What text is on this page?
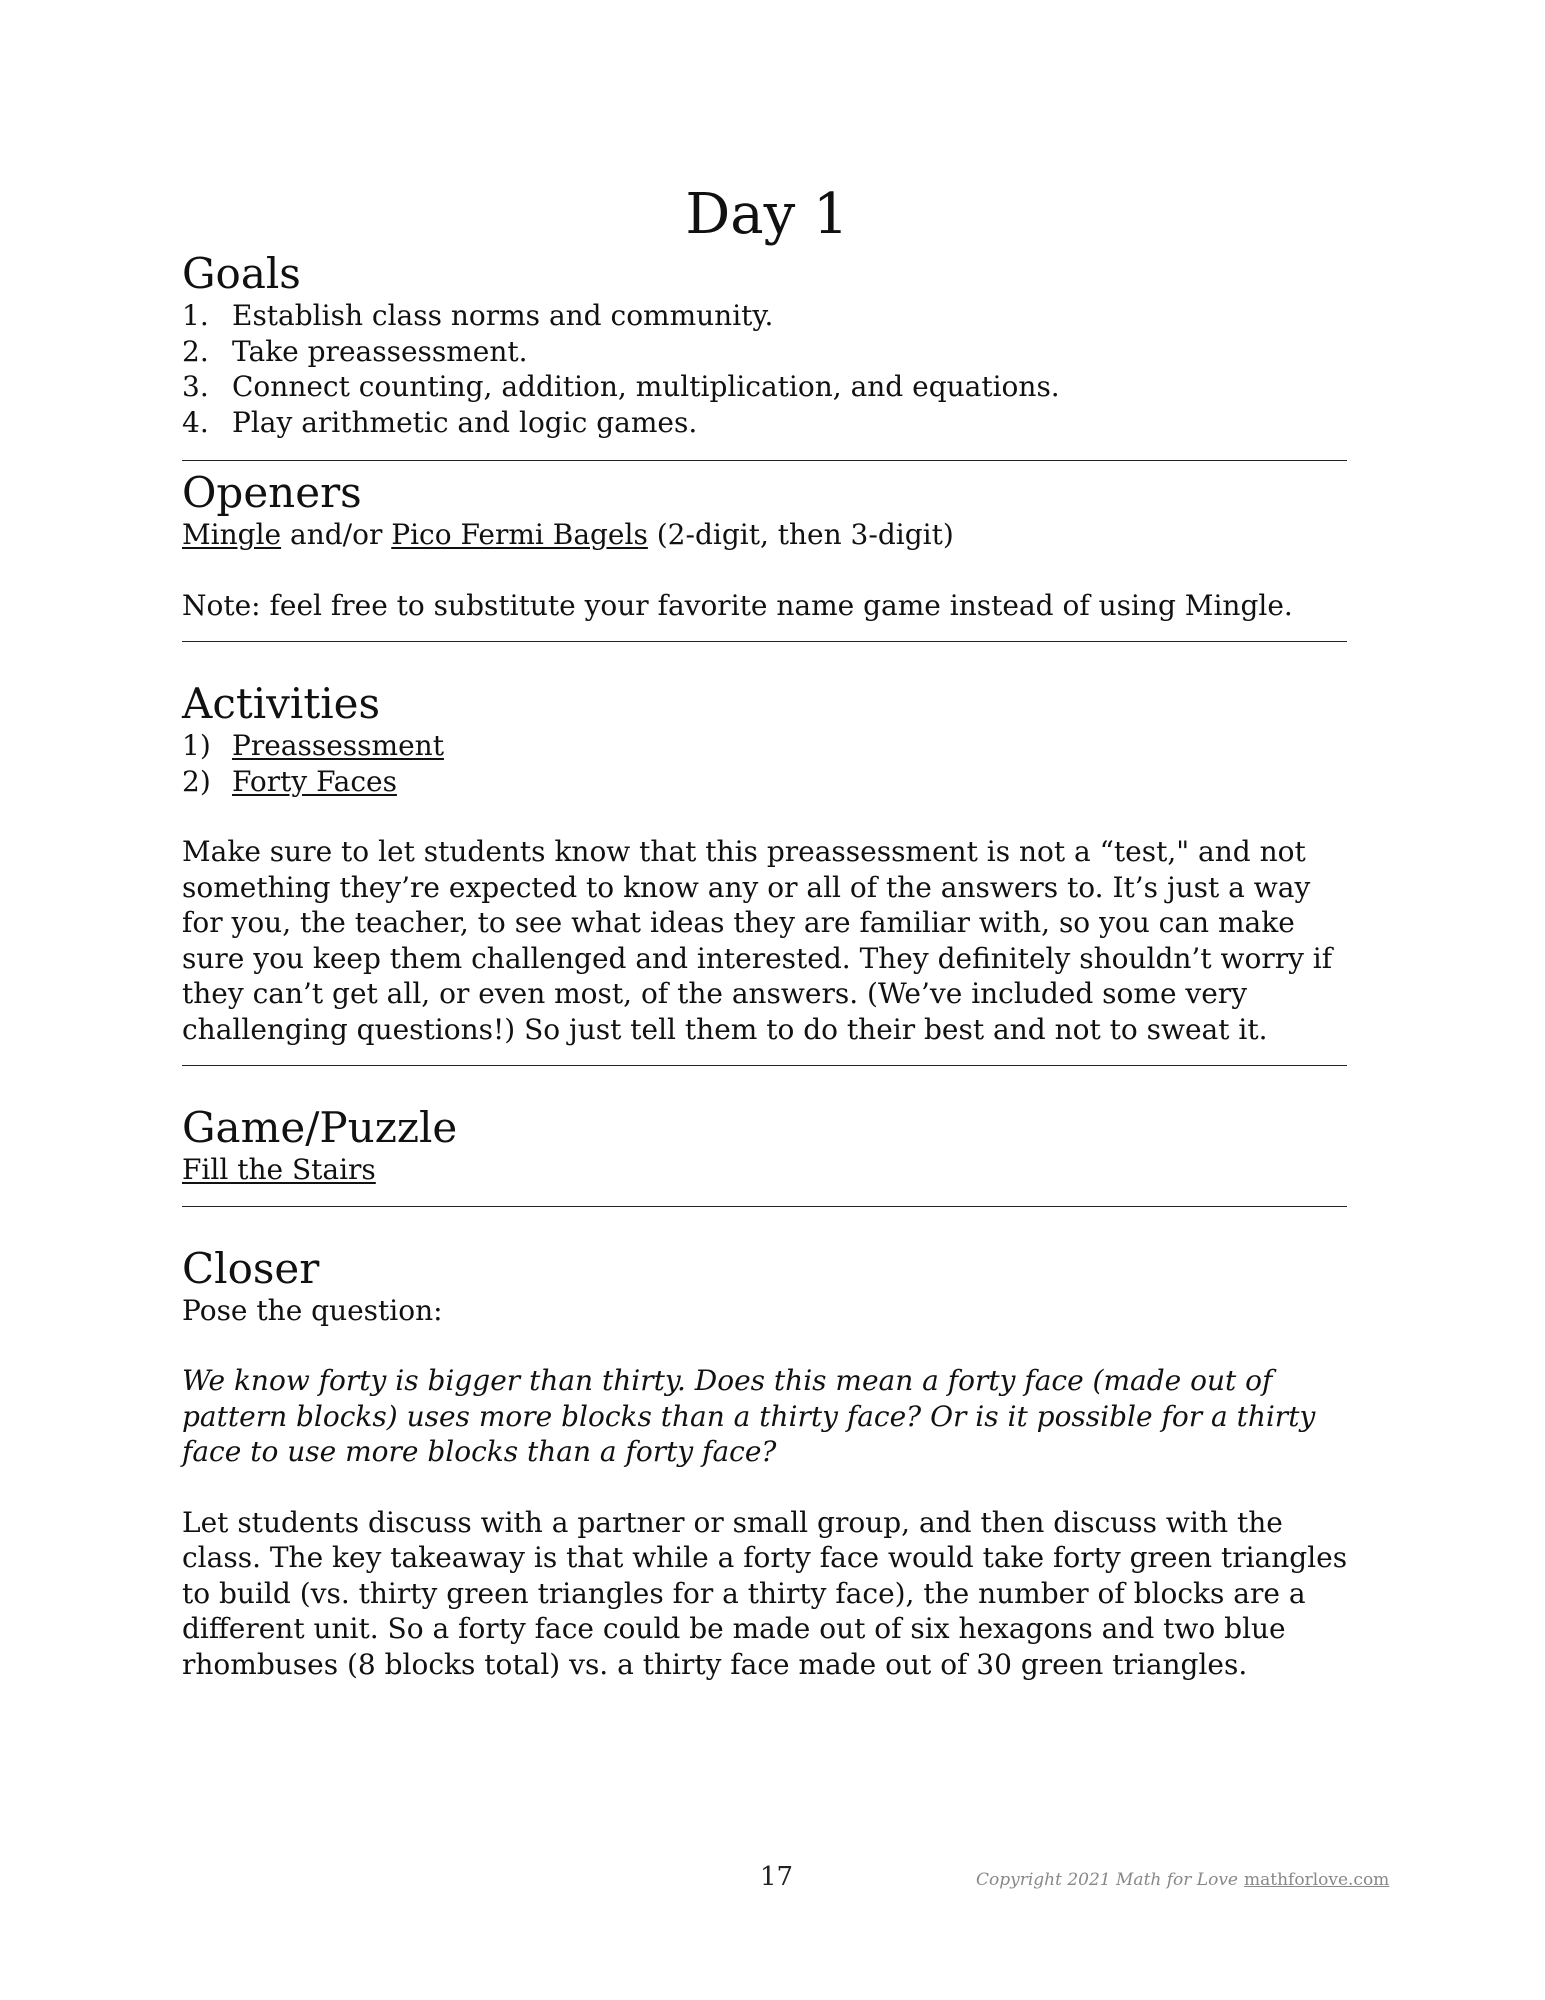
Day 1
Goals
1. Establish class norms and community.
2. Take preassessment.
3. Connect counting, addition, multiplication, and equations.
4. Play arithmetic and logic games.
Openers

Mingle and/or Pico Fermi Bagels (2-digit, then 3-digit)

Note: feel free to substitute your favorite name game instead of using Mingle.

Activities
1) Preassessment
2) Forty Faces

Make sure to let students know that this preassessment is not a “test," and not something they’re expected to know any or all of the answers to. It’s just a way for you, the teacher, to see what ideas they are familiar with, so you can make sure you keep them challenged and interested. They definitely shouldn’t worry if they can’t get all, or even most, of the answers. (We’ve included some very challenging questions!) So just tell them to do their best and not to sweat it.

Game/Puzzle

Fill the Stairs

Closer

Pose the question:

We know forty is bigger than thirty. Does this mean a forty face (made out of pattern blocks) uses more blocks than a thirty face? Or is it possible for a thirty face to use more blocks than a forty face?

Let students discuss with a partner or small group, and then discuss with the class. The key takeaway is that while a forty face would take forty green triangles to build (vs. thirty green triangles for a thirty face), the number of blocks are a different unit. So a forty face could be made out of six hexagons and two blue rhombuses (8 blocks total) vs. a thirty face made out of 30 green triangles.

17	Copyright 2021 Math for Love mathforlove.com
